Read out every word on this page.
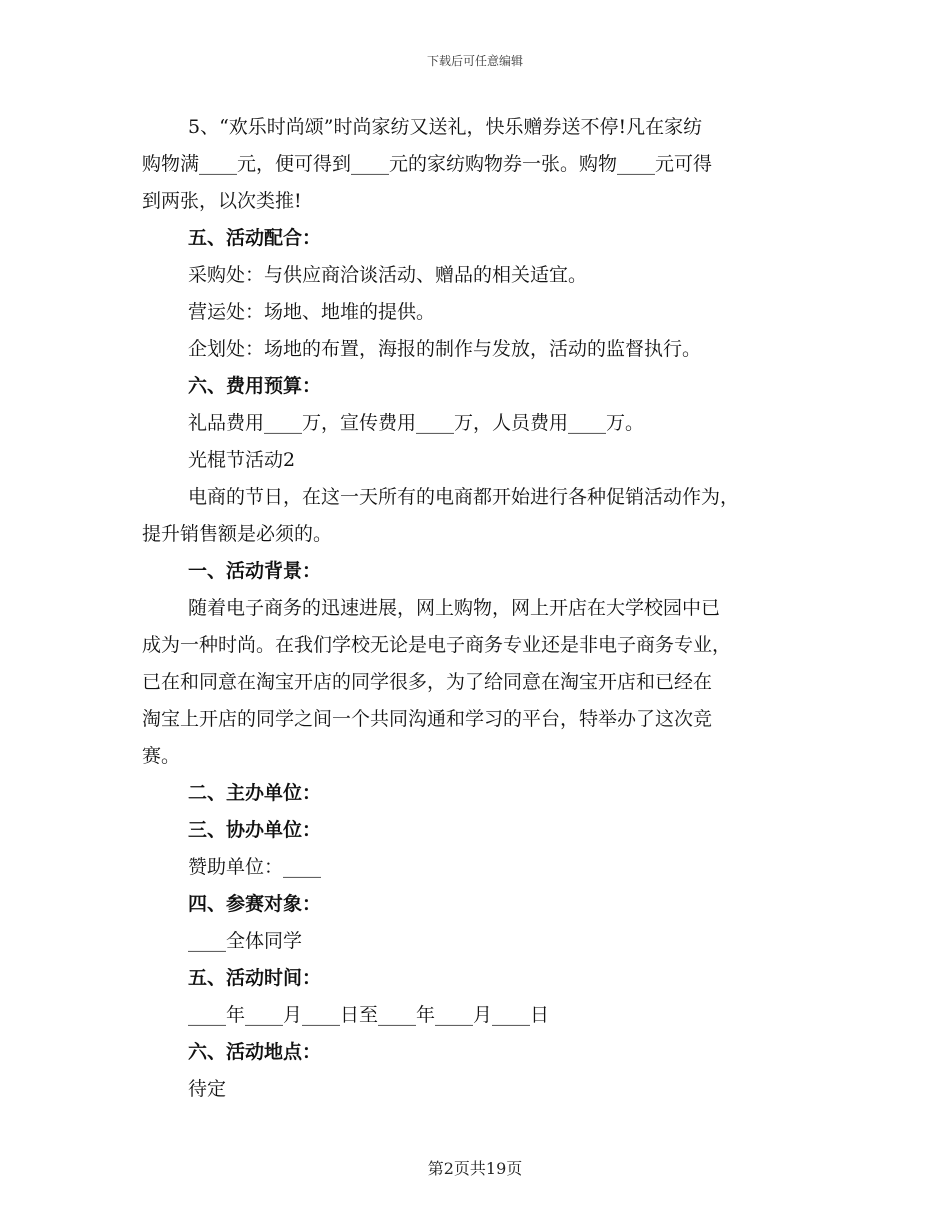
下载后可任意编辑
5、“欢乐时尚颂”时尚家纺又送礼，快乐赠券送不停!凡在家纺
购物满____元，便可得到____元的家纺购物券一张。购物____元可得
到两张，以次类推!
五、活动配合：
采购处：与供应商洽谈活动、赠品的相关适宜。
营运处：场地、地堆的提供。
企划处：场地的布置，海报的制作与发放，活动的监督执行。
六、费用预算：
礼品费用____万，宣传费用____万，人员费用____万。
光棍节活动2
电商的节日，在这一天所有的电商都开始进行各种促销活动作为，
提升销售额是必须的。
一、活动背景：
随着电子商务的迅速进展，网上购物，网上开店在大学校园中已
成为一种时尚。在我们学校无论是电子商务专业还是非电子商务专业，
已在和同意在淘宝开店的同学很多，为了给同意在淘宝开店和已经在
淘宝上开店的同学之间一个共同沟通和学习的平台，特举办了这次竞
赛。
二、主办单位：
三、协办单位：
赞助单位：____
四、参赛对象：
____全体同学
五、活动时间：
____年____月____日至____年____月____日
六、活动地点：
待定
第2页共19页
